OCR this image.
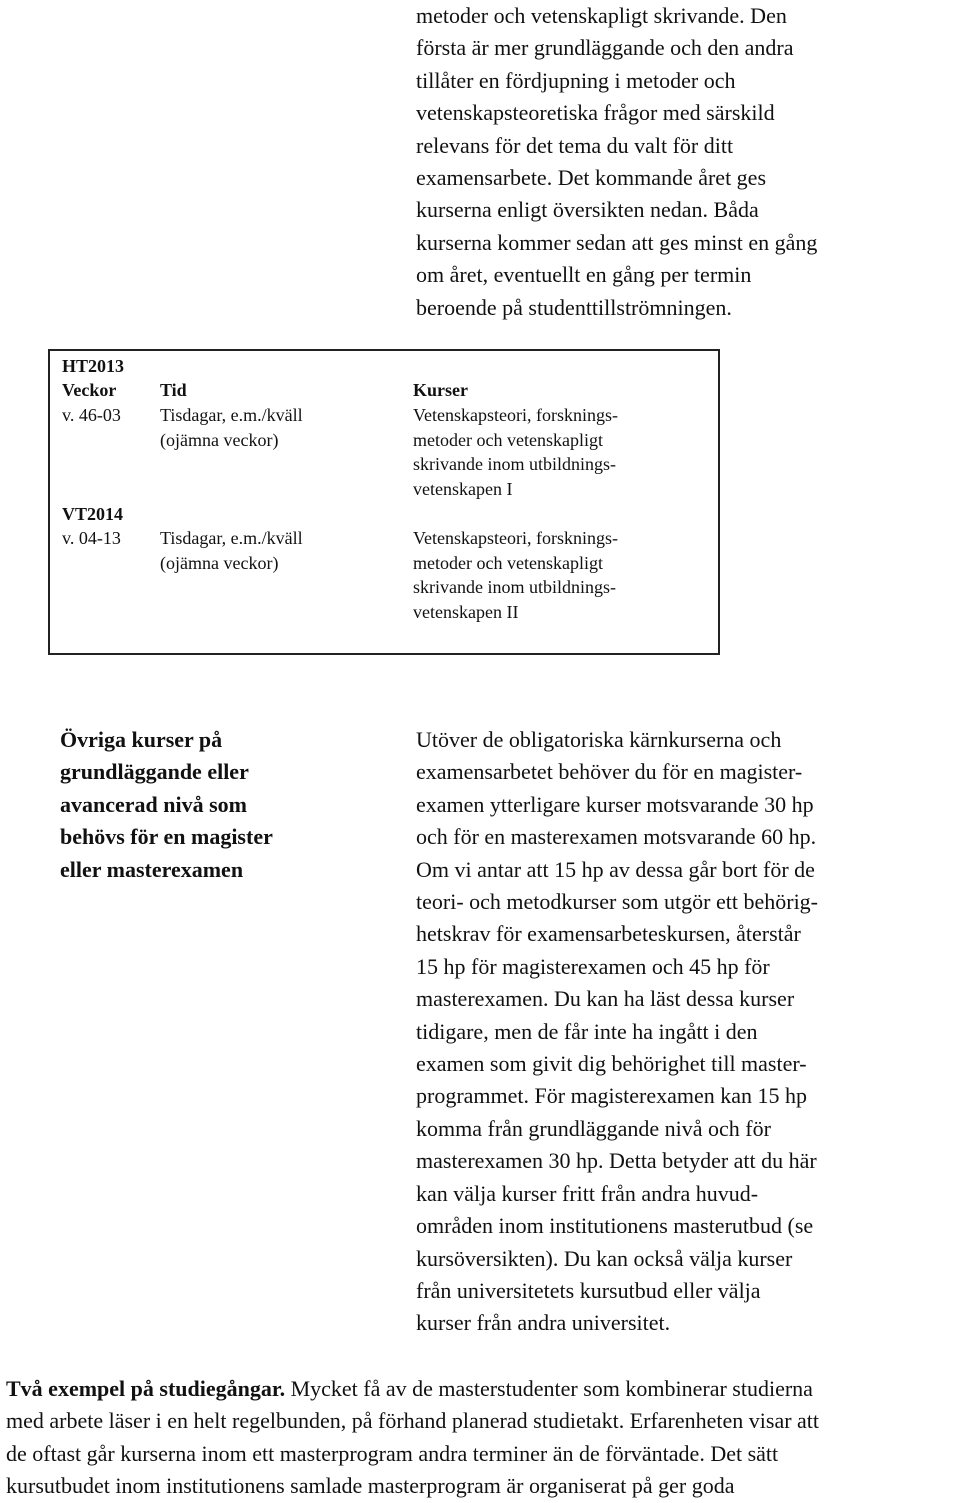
metoder och vetenskapligt skrivande. Den
första är mer grundläggande och den andra
tillåter en fördjupning i metoder och
vetenskapsteoretiska frågor med särskild
relevans för det tema du valt för ditt
examensarbete. Det kommande året ges
kurserna enligt översikten nedan. Båda
kurserna kommer sedan att ges minst en gång
om året, eventuellt en gång per termin
beroende på studenttillströmningen.
HT2013
Veckor Tid	Kurser
v. 46-03 Tisdagar, e.m./kväll
(ojämna veckor)
Vetenskapsteori, forsknings-
metoder och vetenskapligt
skrivande inom utbildnings-
vetenskapen I
VT2014
v. 04-13 Tisdagar, e.m./kväll
(ojämna veckor)
Vetenskapsteori, forsknings-
metoder och vetenskapligt
skrivande inom utbildnings-
vetenskapen II
Övriga kurser på
grundläggande eller
avancerad nivå som
behövs för en magister
eller masterexamen
Utöver de obligatoriska kärnkurserna och
examensarbetet behöver du för en magister-
examen ytterligare kurser motsvarande 30 hp
och för en masterexamen motsvarande 60 hp.
Om vi antar att 15 hp av dessa går bort för de
teori- och metodkurser som utgör ett behörig-
hetskrav för examensarbeteskursen, återstår
15 hp för magisterexamen och 45 hp för
masterexamen. Du kan ha läst dessa kurser
tidigare, men de får inte ha ingått i den
examen som givit dig behörighet till master-
programmet. För magisterexamen kan 15 hp
komma från grundläggande nivå och för
masterexamen 30 hp. Detta betyder att du här
kan välja kurser fritt från andra huvud-
områden inom institutionens masterutbud (se
kursöversikten). Du kan också välja kurser
från universitetets kursutbud eller välja
kurser från andra universitet.
Två exempel på studiegångar. Mycket få av de masterstudenter som kombinerar studierna
med arbete läser i en helt regelbunden, på förhand planerad studietakt. Erfarenheten visar att
de oftast går kurserna inom ett masterprogram andra terminer än de förväntade. Det sätt
kursutbudet inom institutionens samlade masterprogram är organiserat på ger goda
